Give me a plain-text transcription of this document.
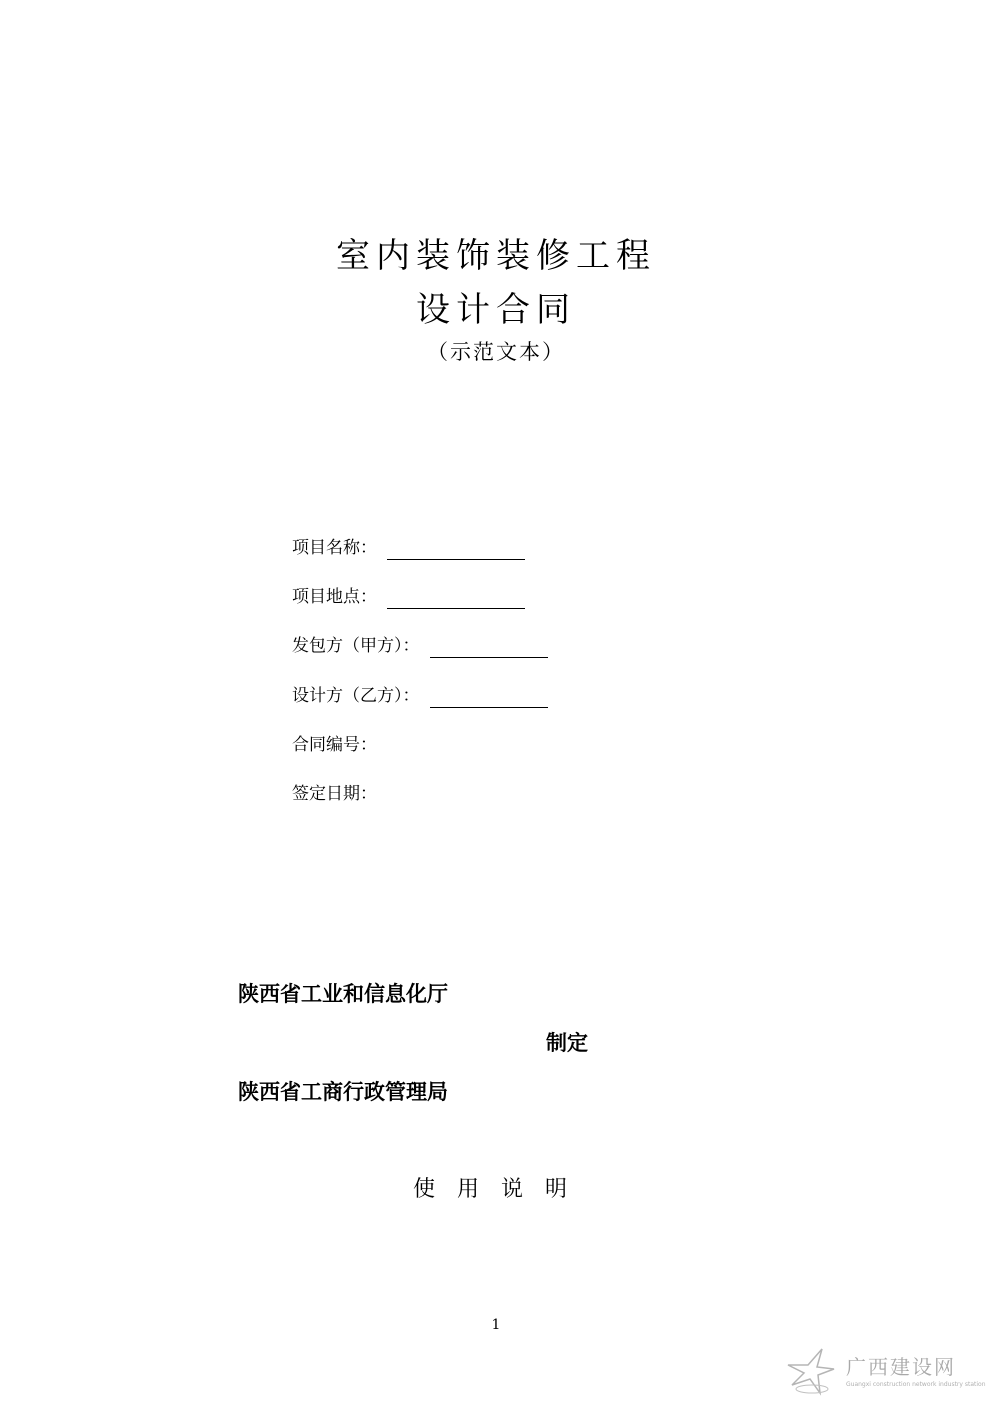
室内装饰装修工程
设计合同
（示范文本）
项目名称：
项目地点：
发包方（甲方）：
设计方（乙方）：
合同编号：
签定日期：
陕西省工业和信息化厅
制定
陕西省工商行政管理局
使用说明
1
广西建设网
Guangxi construction network industry station
